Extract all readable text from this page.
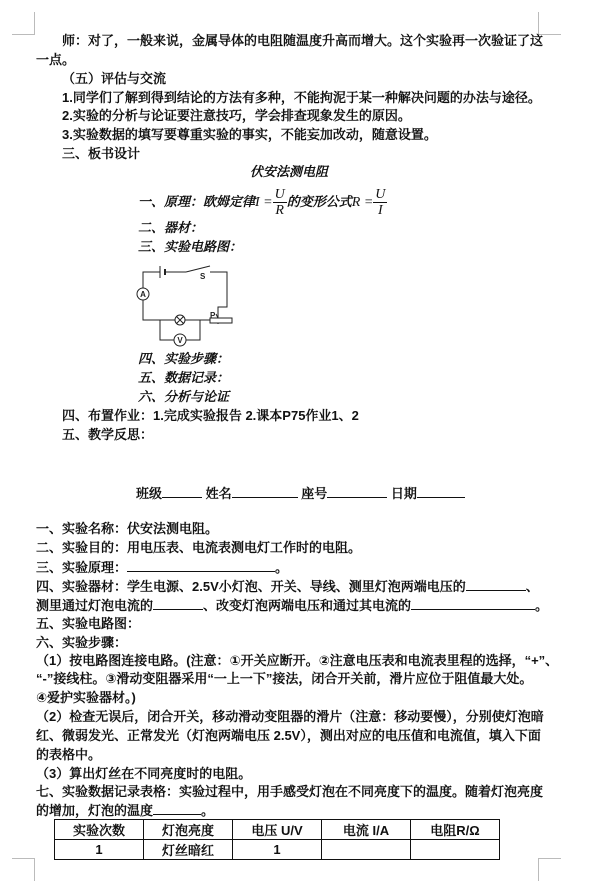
师：对了，一般来说，金属导体的电阻随温度升高而增大。这个实验再一次验证了这
一点。
（五）评估与交流
1.同学们了解到得到结论的方法有多种，不能拘泥于某一种解决问题的办法与途径。
2.实验的分析与论证要注意技巧，学会排查现象发生的原因。
3.实验数据的填写要尊重实验的事实，不能妄加改动，随意设置。
三、板书设计
伏安法测电阻
一、原理：欧姆定律$I = \frac{U}{R}$ 的变形公式$R = \frac{U}{I}$
二、器材：
三、实验电路图：
A
S
V
P
四、实验步骤：
五、数据记录：
六、分析与论证
四、布置作业：1.完成实验报告 2.课本P75作业1、2
五、教学反思：
班级	姓名	座号	日期
一、实验名称：伏安法测电阻。
二、实验目的：用电压表、电流表测电灯工作时的电阻。
三、实验原理：	。
四、实验器材：学生电源、2.5V小灯泡、开关、导线、测里灯泡两端电压的	、
测里通过灯泡电流的	、改变灯泡两端电压和通过其电流的	。
五、实验电路图：
六、实验步骤：
（1）按电路图连接电路。(注意：①开关应断开。②注意电压表和电流表里程的选择，“+”、
“-”接线柱。③滑动变阻器采用“一上一下”接法，闭合开关前，滑片应位于阻值最大处。
④爱护实验器材。)
（2）检查无误后，闭合开关，移动滑动变阻器的滑片（注意：移动要慢），分别使灯泡暗
红、微弱发光、正常发光（灯泡两端电压 2.5V），测出对应的电压值和电流值，填入下面
的表格中。
（3）算出灯丝在不同亮度时的电阻。
七、实验数据记录表格：实验过程中，用手感受灯泡在不同亮度下的温度。随着灯泡亮度
的增加，灯泡的温度	。
实验次数	灯泡亮度	电压 U/V	电流 I/A	电阻R/Ω
1	灯丝暗红	1		
